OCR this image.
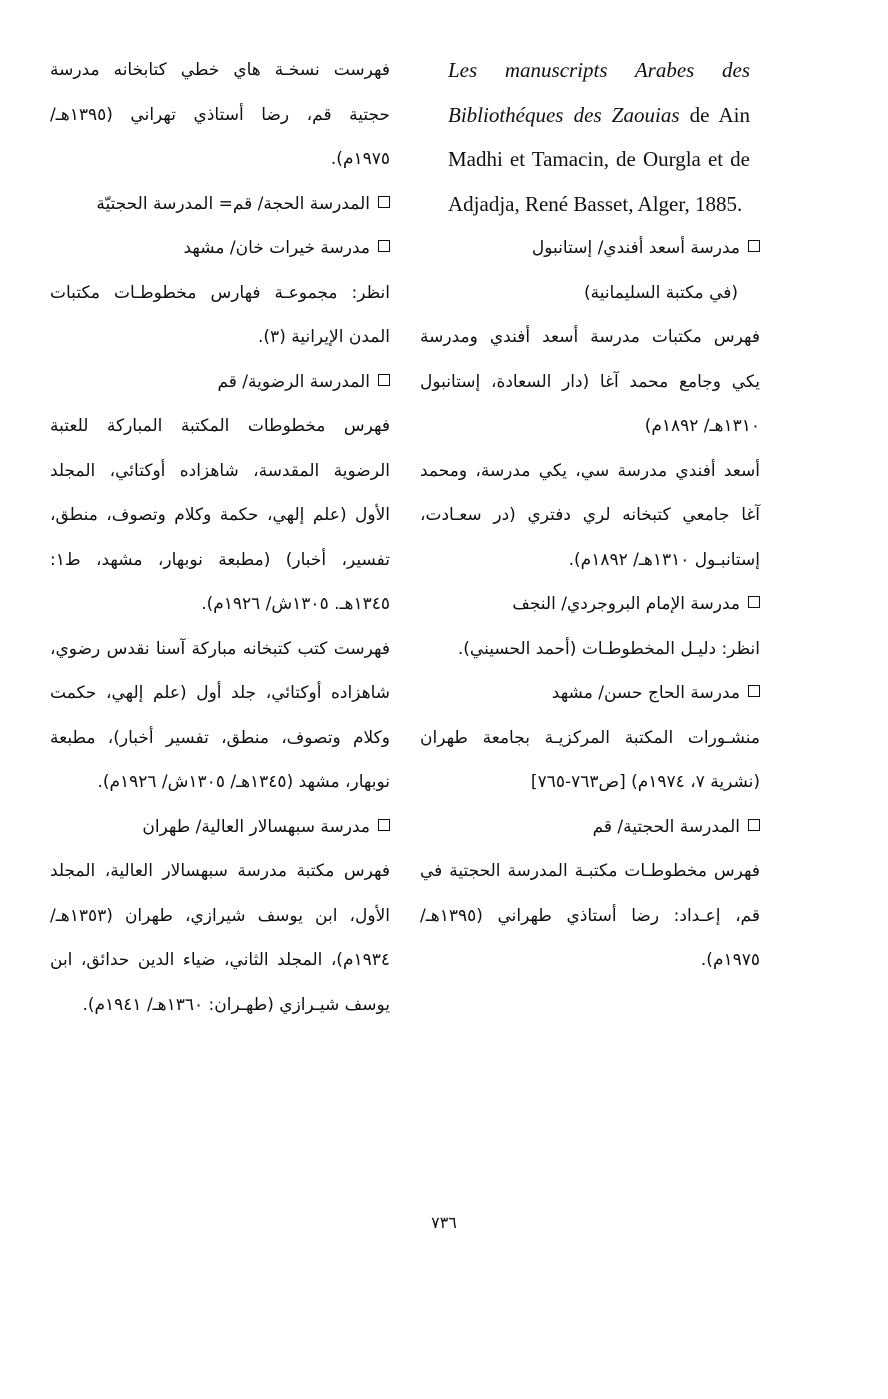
Les manuscripts Arabes des Bibliothéques des Zaouias de Ain Madhi et Tamacin, de Ourgla et de Adjadja, René Basset, Alger, 1885.

مدرسة أسعد أفندي/ إستانبول

(في مكتبة السليمانية)

فهرس مكتبات مدرسة أسعد أفندي ومدرسة يكي وجامع محمد آغا (دار السعادة، إستانبول ١٣١٠هـ/ ١٨٩٢م)

أسعد أفندي مدرسة سي، يكي مدرسة، ومحمد آغا جامعي كتبخانه لري دفتري (در سعـادت، إستانبـول ١٣١٠هـ/ ١٨٩٢م).

مدرسة الإمام البروجردي/ النجف

انظر: دليـل المخطوطـات (أحمد الحسيني).

مدرسة الحاج حسن/ مشهد

منشـورات المكتبة المركزيـة بجامعة طهران (نشرية ٧، ١٩٧٤م) [ص٧٦٣-٧٦٥]

المدرسة الحجتية/ قم

فهرس مخطوطـات مكتبـة المدرسة الحجتية في قم، إعـداد: رضا أستاذي طهراني (١٣٩٥هـ/ ١٩٧٥م).

فهرست نسخـة هاي خطي كتابخانه مدرسة حجتية قم، رضا أستاذي تهراني (١٣٩٥هـ/ ١٩٧٥م).

المدرسة الحجة/ قم= المدرسة الحجتيّة

مدرسة خيرات خان/ مشهد

انظر: مجموعـة فهارس مخطوطـات مكتبات المدن الإيرانية (٣).

المدرسة الرضوية/ قم

فهرس مخطوطات المكتبة المباركة للعتبة الرضوية المقدسة، شاهزاده أوكتائي، المجلد الأول (علم إلهي، حكمة وكلام وتصوف، منطق، تفسير، أخبار) (مطبعة نوبهار، مشهد، ط١: ١٣٤٥هـ. ١٣٠٥ش/ ١٩٢٦م).

فهرست كتب كتبخانه مباركة آسنا نقدس رضوي، شاهزاده أوكتائي، جلد أول (علم إلهي، حكمت وكلام وتصوف، منطق، تفسير أخبار)، مطبعة نوبهار، مشهد (١٣٤٥هـ/ ١٣٠٥ش/ ١٩٢٦م).

مدرسة سبهسالار العالية/ طهران

فهرس مكتبة مدرسة سبهسالار العالية، المجلد الأول، ابن يوسف شيرازي، طهران (١٣٥٣هـ/ ١٩٣٤م)، المجلد الثاني، ضياء الدين حدائق، ابن يوسف شيـرازي (طهـران: ١٣٦٠هـ/ ١٩٤١م).

٧٣٦
